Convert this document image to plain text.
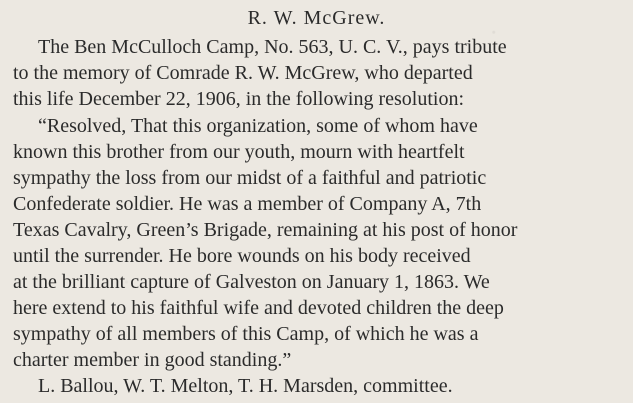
R. W. McGrew.
The Ben McCulloch Camp, No. 563, U. C. V., pays tribute
to the memory of Comrade R. W. McGrew, who departed
this life December 22, 1906, in the following resolution:
“Resolved, That this organization, some of whom have
known this brother from our youth, mourn with heartfelt
sympathy the loss from our midst of a faithful and patriotic
Confederate soldier. He was a member of Company A, 7th
Texas Cavalry, Green’s Brigade, remaining at his post of honor
until the surrender. He bore wounds on his body received
at the brilliant capture of Galveston on January 1, 1863. We
here extend to his faithful wife and devoted children the deep
sympathy of all members of this Camp, of which he was a
charter member in good standing.”
L. Ballou, W. T. Melton, T. H. Marsden, committee.
